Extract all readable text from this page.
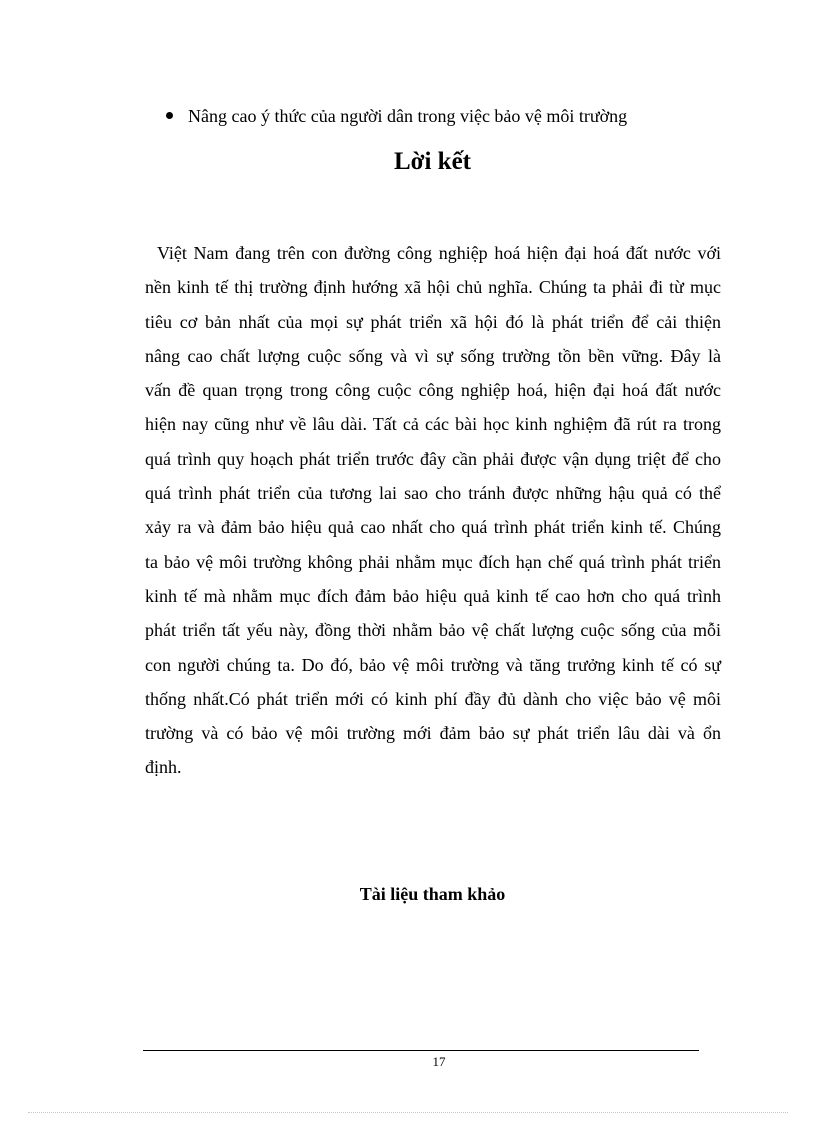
Nâng cao ý thức của người dân trong việc bảo vệ môi trường
Lời kết
Việt Nam đang trên con đường công nghiệp hoá hiện đại hoá đất nước với
nền kinh tế thị trường định hướng xã hội chủ nghĩa. Chúng ta phải đi từ mục
tiêu cơ bản nhất của mọi sự phát triển xã hội đó là phát triển để cải thiện
nâng cao chất lượng cuộc sống và vì sự sống trường tồn bền vững. Đây là
vấn đề quan trọng trong công cuộc công nghiệp hoá, hiện đại hoá đất nước
hiện nay cũng như về lâu dài. Tất cả các bài học kinh nghiệm đã rút ra trong
quá trình quy hoạch phát triển trước đây cần phải được vận dụng triệt để cho
quá trình phát triển của tương lai sao cho tránh được những hậu quả có thể
xảy ra và đảm bảo hiệu quả cao nhất cho quá trình phát triển kinh tế. Chúng
ta bảo vệ môi trường không phải nhằm mục đích hạn chế quá trình phát triển
kinh tế mà nhằm mục đích đảm bảo hiệu quả kinh tế cao hơn cho quá trình
phát triển tất yếu này, đồng thời nhằm bảo vệ chất lượng cuộc sống của mỗi
con người chúng ta. Do đó, bảo vệ môi trường và tăng trưởng kinh tế có sự
thống nhất.Có phát triển mới có kinh phí đầy đủ dành cho việc bảo vệ môi
trường và có bảo vệ môi trường mới đảm bảo sự phát triển lâu dài và ổn
định.
Tài liệu tham khảo
17
